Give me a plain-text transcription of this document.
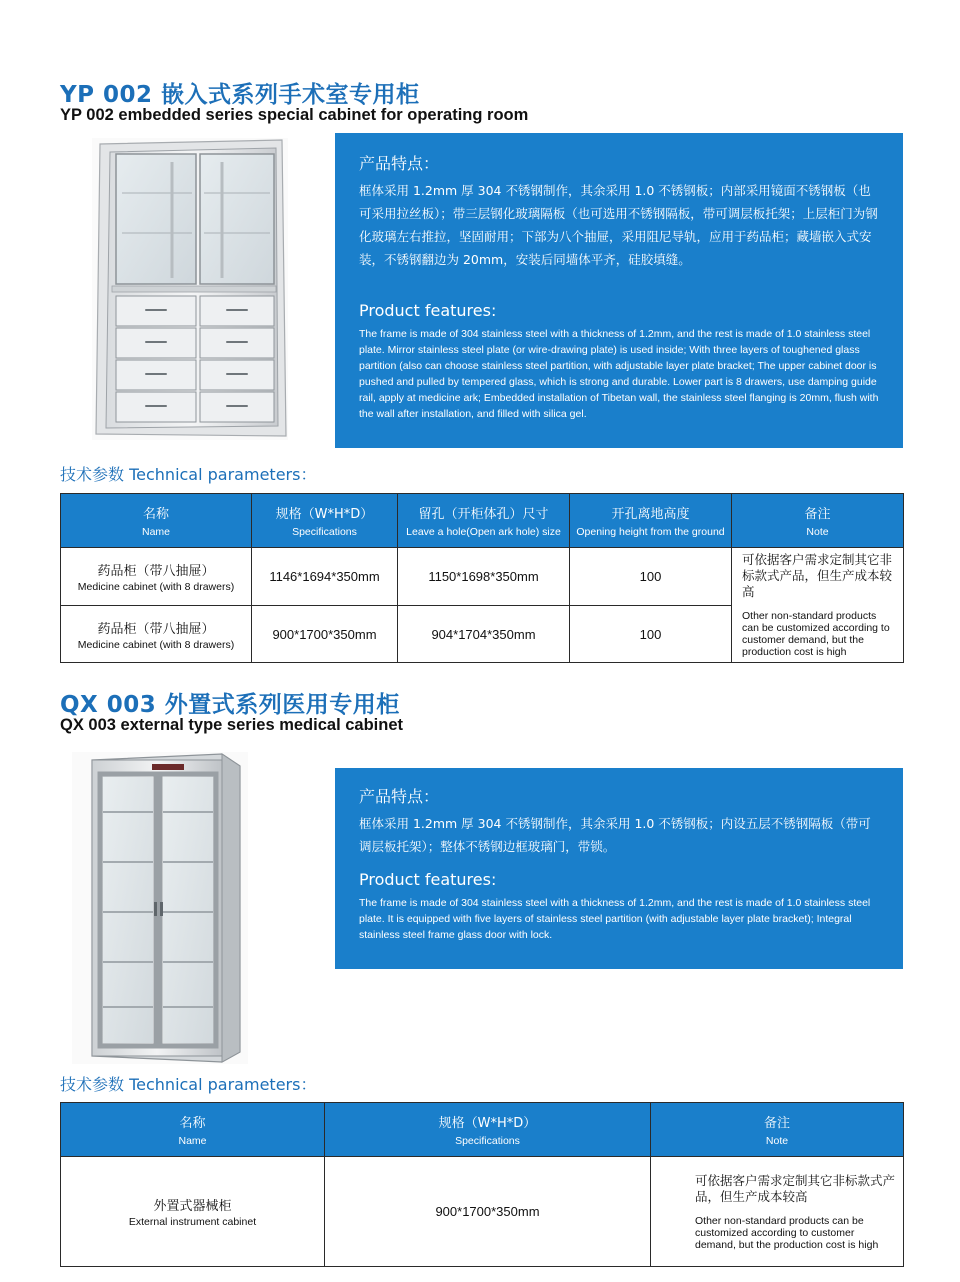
YP 002 嵌入式系列手术室专用柜
YP 002 embedded series special cabinet for operating room
产品特点：
框体采用 1.2mm 厚 304 不锈钢制作，其余采用 1.0 不锈钢板；内部采用镜面不锈钢板（也可采用拉丝板）；带三层钢化玻璃隔板（也可选用不锈钢隔板，带可调层板托架；上层柜门为钢化玻璃左右推拉，坚固耐用；下部为八个抽屉，采用阻尼导轨，应用于药品柜；藏墙嵌入式安装，不锈钢翻边为 20mm，安装后同墙体平齐，硅胶填缝。
Product features:
The frame is made of 304 stainless steel with a thickness of 1.2mm, and the rest is made of 1.0 stainless steel plate. Mirror stainless steel plate (or wire-drawing plate) is used inside; With three layers of toughened glass partition (also can choose stainless steel partition, with adjustable layer plate bracket; The upper cabinet door is pushed and pulled by tempered glass, which is strong and durable. Lower part is 8 drawers, use damping guide rail, apply at medicine ark; Embedded installation of Tibetan wall, the stainless steel flanging is 20mm, flush with the wall after installation, and filled with silica gel.
技术参数 Technical parameters：
名称
Name	规格（W*H*D）
Specifications	留孔（开柜体孔）尺寸
Leave a hole(Open ark hole) size	开孔离地高度
Opening height from the ground	备注
Note

药品柜（带八抽屉）
Medicine cabinet (with 8 drawers)	1146*1694*350mm	1150*1698*350mm	100	可依据客户需求定制其它非标款式产品，但生产成本较高
Other non-standard products can be customized according to customer demand, but the production cost is high

药品柜（带八抽屉）
Medicine cabinet (with 8 drawers)	900*1700*350mm	904*1704*350mm	100	
QX 003 外置式系列医用专用柜
QX 003 external type series medical cabinet
产品特点：
框体采用 1.2mm 厚 304 不锈钢制作，其余采用 1.0 不锈钢板；内设五层不锈钢隔板（带可调层板托架）；整体不锈钢边框玻璃门，带锁。
Product features:
The frame is made of 304 stainless steel with a thickness of 1.2mm, and the rest is made of 1.0 stainless steel plate. It is equipped with five layers of stainless steel partition (with adjustable layer plate bracket); Integral stainless steel frame glass door with lock.
技术参数 Technical parameters：
名称
Name	规格（W*H*D）
Specifications	备注
Note

外置式器械柜
External instrument cabinet	900*1700*350mm	可依据客户需求定制其它非标款式产品，但生产成本较高
Other non-standard products can be customized according to customer demand, but the production cost is high
